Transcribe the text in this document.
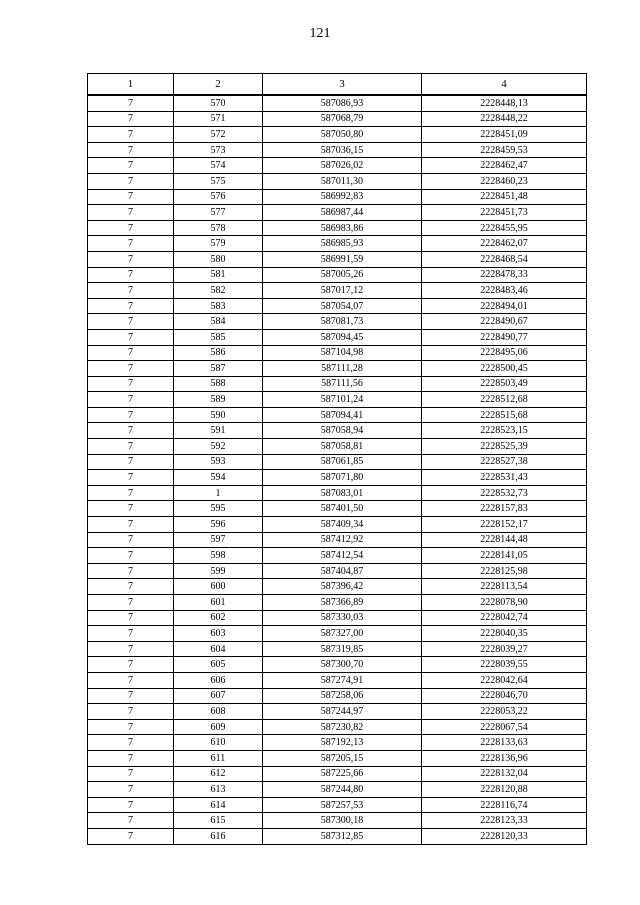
121
1	2	3	4
7	570	587086,93	2228448,13
7	571	587068,79	2228448,22
7	572	587050,80	2228451,09
7	573	587036,15	2228459,53
7	574	587026,02	2228462,47
7	575	587011,30	2228460,23
7	576	586992,83	2228451,48
7	577	586987,44	2228451,73
7	578	586983,86	2228455,95
7	579	586985,93	2228462,07
7	580	586991,59	2228468,54
7	581	587005,26	2228478,33
7	582	587017,12	2228483,46
7	583	587054,07	2228494,01
7	584	587081,73	2228490,67
7	585	587094,45	2228490,77
7	586	587104,98	2228495,06
7	587	587111,28	2228500,45
7	588	587111,56	2228503,49
7	589	587101,24	2228512,68
7	590	587094,41	2228515,68
7	591	587058,94	2228523,15
7	592	587058,81	2228525,39
7	593	587061,85	2228527,38
7	594	587071,80	2228531,43
7	1	587083,01	2228532,73
7	595	587401,50	2228157,83
7	596	587409,34	2228152,17
7	597	587412,92	2228144,48
7	598	587412,54	2228141,05
7	599	587404,87	2228125,98
7	600	587396,42	2228113,54
7	601	587366,89	2228078,90
7	602	587330,03	2228042,74
7	603	587327,00	2228040,35
7	604	587319,85	2228039,27
7	605	587300,70	2228039,55
7	606	587274,91	2228042,64
7	607	587258,06	2228046,70
7	608	587244,97	2228053,22
7	609	587230,82	2228067,54
7	610	587192,13	2228133,63
7	611	587205,15	2228136,96
7	612	587225,66	2228132,04
7	613	587244,80	2228120,88
7	614	587257,53	2228116,74
7	615	587300,18	2228123,33
7	616	587312,85	2228120,33
